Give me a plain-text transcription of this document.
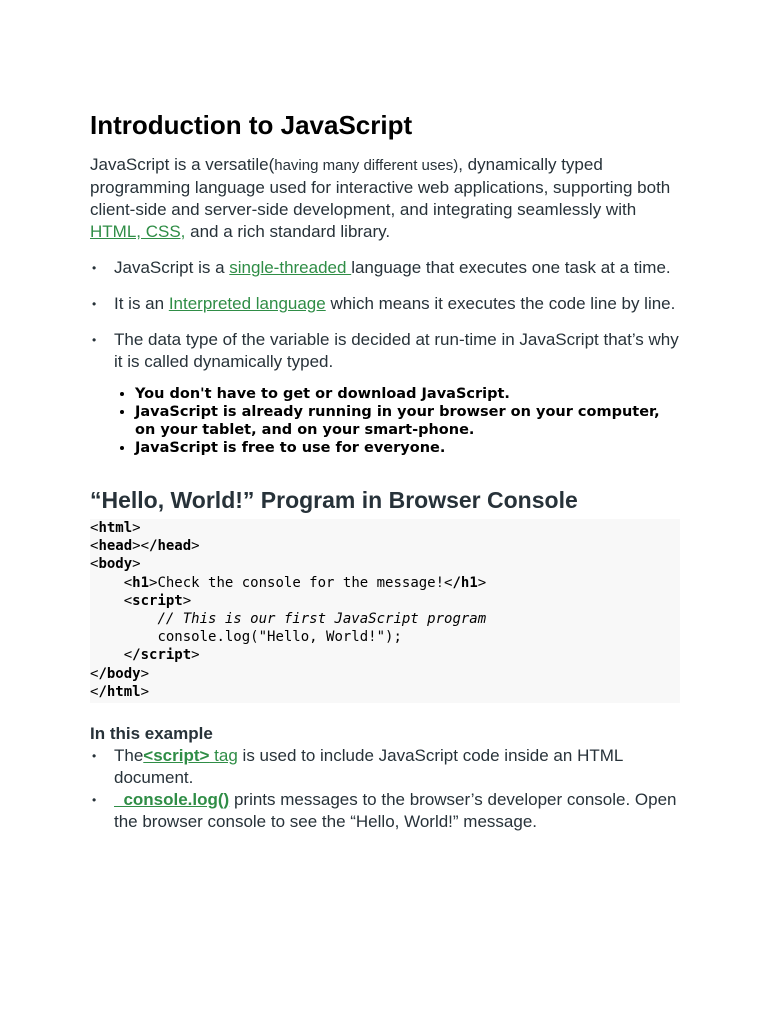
Introduction to JavaScript

JavaScript is a versatile(having many different uses), dynamically typed programming language used for interactive web applications, supporting both client-side and server-side development, and integrating seamlessly with HTML, CSS, and a rich standard library.

• JavaScript is a single-threaded language that executes one task at a time.
• It is an Interpreted language which means it executes the code line by line.
• The data type of the variable is decided at run-time in JavaScript that’s why it is called dynamically typed.
• You don't have to get or download JavaScript.
• JavaScript is already running in your browser on your computer, on your tablet, and on your smart-phone.
• JavaScript is free to use for everyone.
“Hello, World!” Program in Browser Console
<html>
<head></head>
<body>
<h1>Check the console for the message!</h1>
<script>
// This is our first JavaScript program
console.log("Hello, World!");
</script>
</body>
</html>
In this example
• The<script> tag is used to include JavaScript code inside an HTML document.
•   console.log() prints messages to the browser’s developer console. Open the browser console to see the “Hello, World!” message.
